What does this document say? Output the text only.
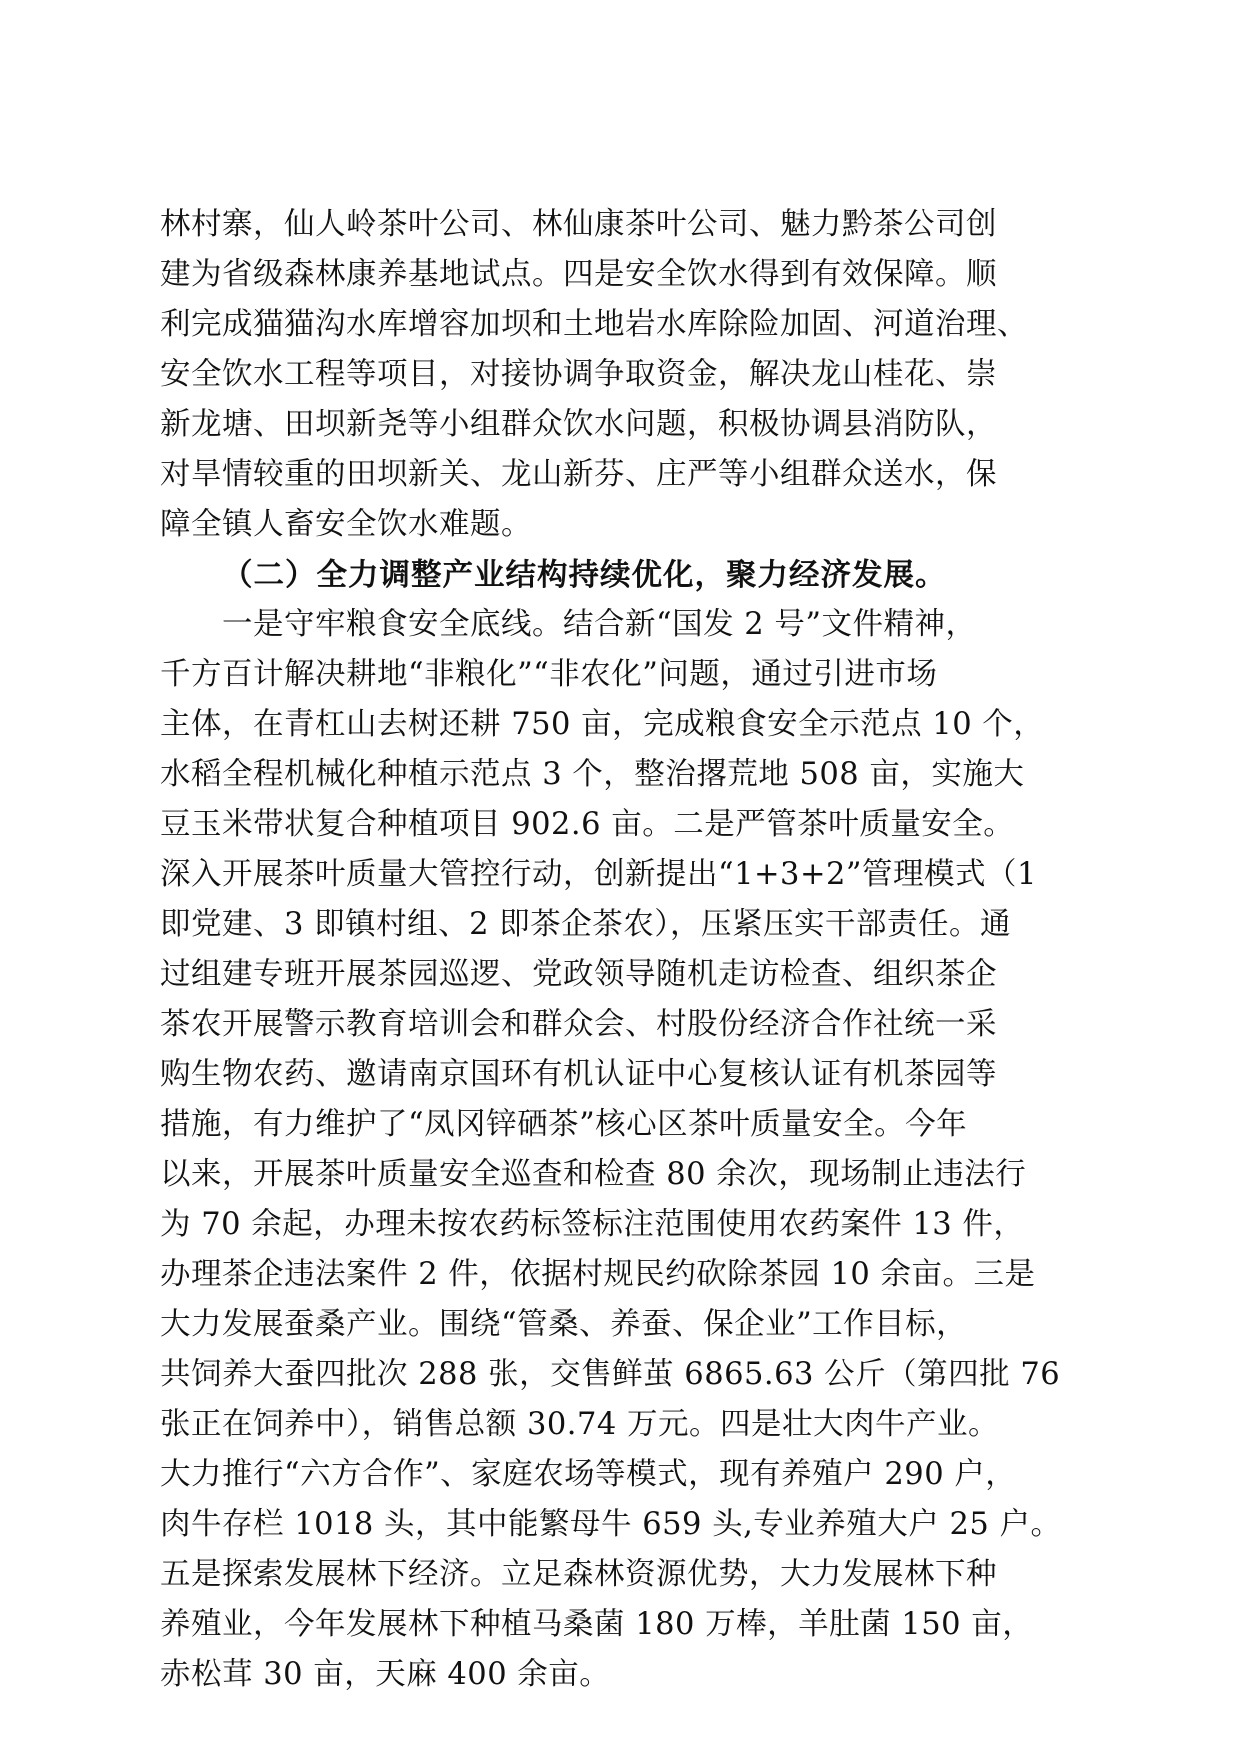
林村寨，仙人岭茶叶公司、林仙康茶叶公司、魅力黔茶公司创
建为省级森林康养基地试点。四是安全饮水得到有效保障。顺
利完成猫猫沟水库增容加坝和土地岩水库除险加固、河道治理、
安全饮水工程等项目，对接协调争取资金，解决龙山桂花、崇
新龙塘、田坝新尧等小组群众饮水问题，积极协调县消防队，
对旱情较重的田坝新关、龙山新芬、庄严等小组群众送水，保
障全镇人畜安全饮水难题。
（二）全力调整产业结构持续优化，聚力经济发展。
一是守牢粮食安全底线。结合新“国发 2 号”文件精神，
千方百计解决耕地“非粮化”“非农化”问题，通过引进市场
主体，在青杠山去树还耕 750 亩，完成粮食安全示范点 10 个，
水稻全程机械化种植示范点 3 个，整治撂荒地 508 亩，实施大
豆玉米带状复合种植项目 902.6 亩。二是严管茶叶质量安全。
深入开展茶叶质量大管控行动，创新提出“1+3+2”管理模式（1
即党建、3 即镇村组、2 即茶企茶农），压紧压实干部责任。通
过组建专班开展茶园巡逻、党政领导随机走访检查、组织茶企
茶农开展警示教育培训会和群众会、村股份经济合作社统一采
购生物农药、邀请南京国环有机认证中心复核认证有机茶园等
措施，有力维护了“凤冈锌硒茶”核心区茶叶质量安全。今年
以来，开展茶叶质量安全巡查和检查 80 余次，现场制止违法行
为 70 余起，办理未按农药标签标注范围使用农药案件 13 件，
办理茶企违法案件 2 件，依据村规民约砍除茶园 10 余亩。三是
大力发展蚕桑产业。围绕“管桑、养蚕、保企业”工作目标，
共饲养大蚕四批次 288 张，交售鲜茧 6865.63 公斤（第四批 76
张正在饲养中），销售总额 30.74 万元。四是壮大肉牛产业。
大力推行“六方合作”、家庭农场等模式，现有养殖户 290 户，
肉牛存栏 1018 头，其中能繁母牛 659 头,专业养殖大户 25 户。
五是探索发展林下经济。立足森林资源优势，大力发展林下种
养殖业，今年发展林下种植马桑菌 180 万棒，羊肚菌 150 亩，
赤松茸 30 亩，天麻 400 余亩。
